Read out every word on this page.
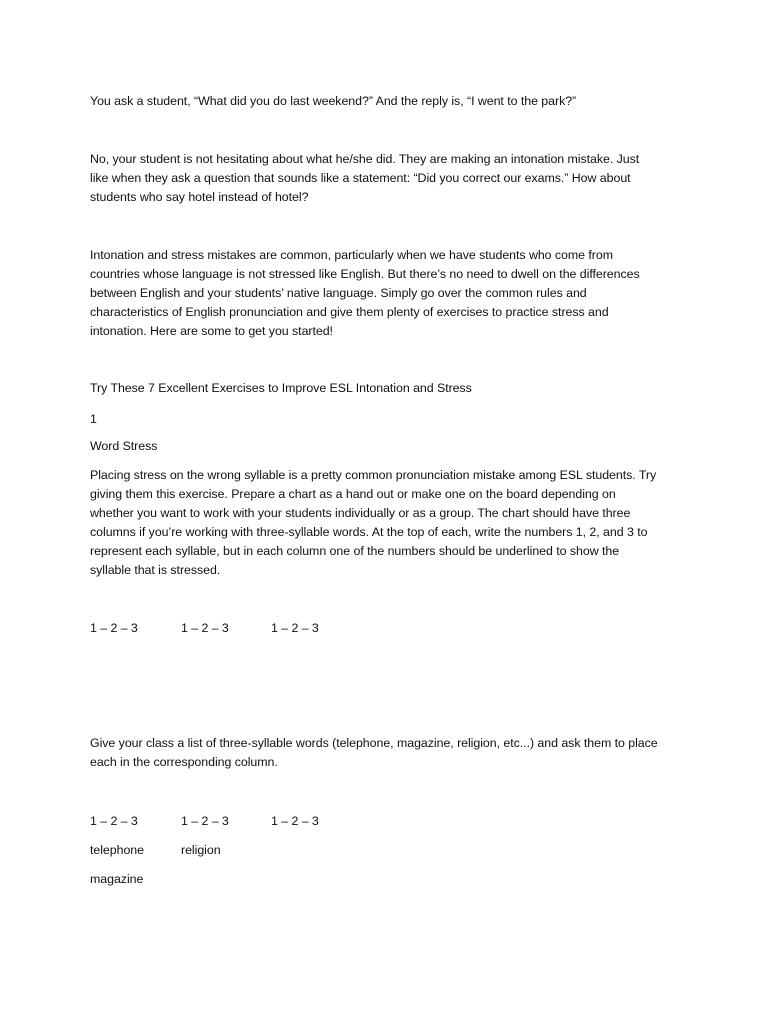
You ask a student, “What did you do last weekend?” And the reply is, “I went to the park?”

No, your student is not hesitating about what he/she did. They are making an intonation mistake. Just
like when they ask a question that sounds like a statement: “Did you correct our exams.” How about
students who say hotel instead of hotel?

Intonation and stress mistakes are common, particularly when we have students who come from
countries whose language is not stressed like English. But there’s no need to dwell on the differences
between English and your students’ native language. Simply go over the common rules and
characteristics of English pronunciation and give them plenty of exercises to practice stress and
intonation. Here are some to get you started!

Try These 7 Excellent Exercises to Improve ESL Intonation and Stress

1

Word Stress

Placing stress on the wrong syllable is a pretty common pronunciation mistake among ESL students. Try
giving them this exercise. Prepare a chart as a hand out or make one on the board depending on
whether you want to work with your students individually or as a group. The chart should have three
columns if you’re working with three-syllable words. At the top of each, write the numbers 1, 2, and 3 to
represent each syllable, but in each column one of the numbers should be underlined to show the
syllable that is stressed.

1 – 2 – 3	1 – 2 – 3	1 – 2 – 3

Give your class a list of three-syllable words (telephone, magazine, religion, etc...) and ask them to place
each in the corresponding column.

1 – 2 – 3	1 – 2 – 3	1 – 2 – 3
telephone	religion
magazine
